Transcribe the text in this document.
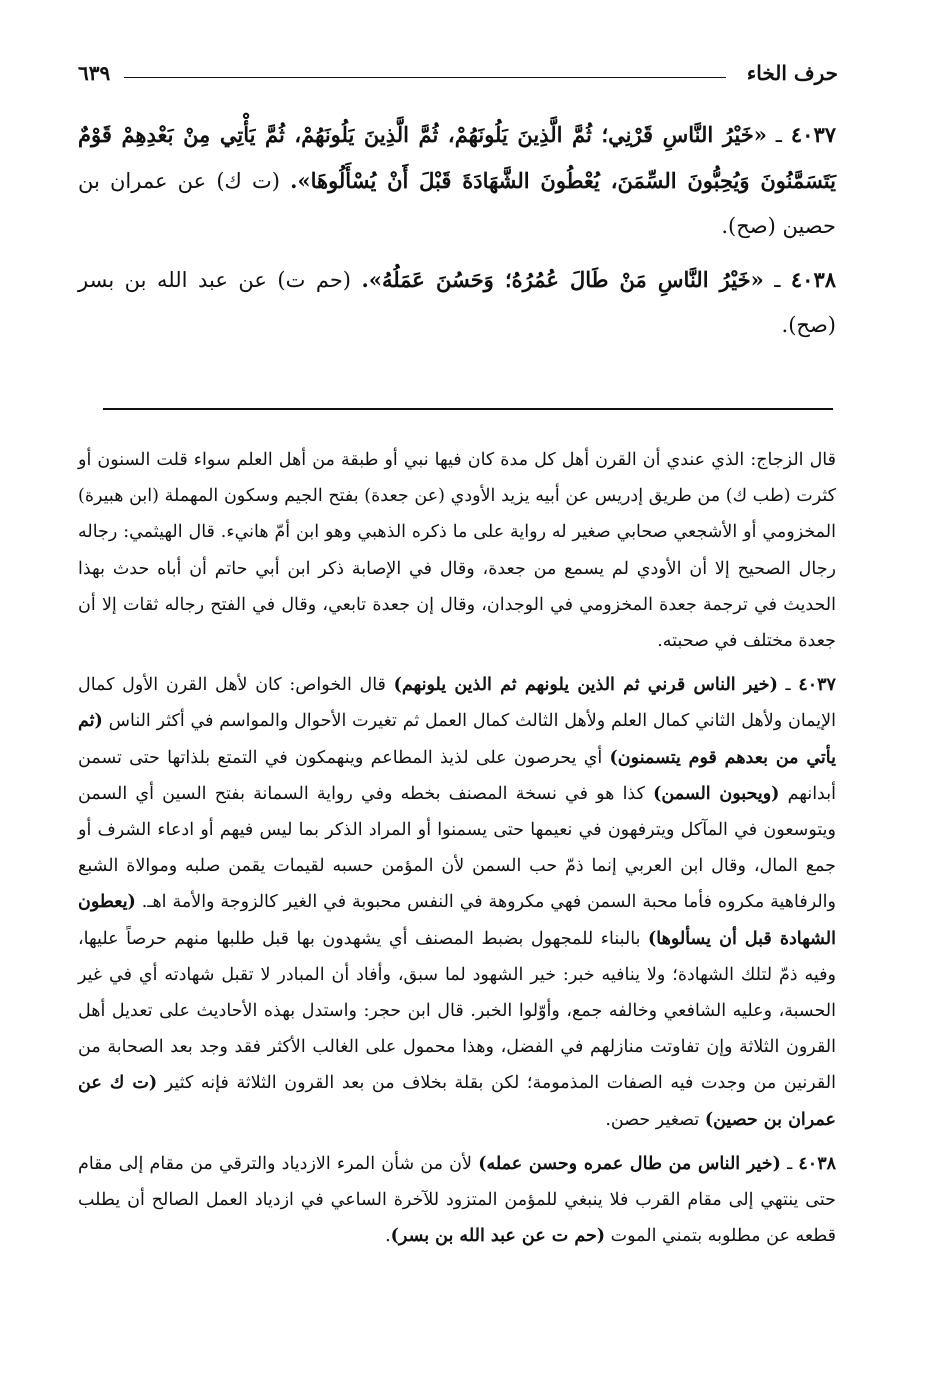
حرف الخاء
٦٣٩

٤٠٣٧ ـ «خَيْرُ النَّاسِ قَرْنِي؛ ثُمَّ الَّذِينَ يَلُونَهُمْ، ثُمَّ الَّذِينَ يَلُونَهُمْ، ثُمَّ يَأْتِي مِنْ بَعْدِهِمْ قَوْمٌ يَتَسَمَّنُونَ وَيُحِبُّونَ السِّمَنَ، يُعْطُونَ الشَّهَادَةَ قَبْلَ أَنْ يُسْأَلُوهَا». (ت ك) عن عمران بن حصين (صح).

٤٠٣٨ ـ «خَيْرُ النَّاسِ مَنْ طَالَ عُمُرُهُ؛ وَحَسُنَ عَمَلُهُ». (حم ت) عن عبد الله بن بسر (صح).

قال الزجاج: الذي عندي أن القرن أهل كل مدة كان فيها نبي أو طبقة من أهل العلم سواء قلت السنون أو كثرت (طب ك) من طريق إدريس عن أبيه يزيد الأودي (عن جعدة) بفتح الجيم وسكون المهملة (ابن هبيرة) المخزومي أو الأشجعي صحابي صغير له رواية على ما ذكره الذهبي وهو ابن أمّ هانيء. قال الهيثمي: رجاله رجال الصحيح إلا أن الأودي لم يسمع من جعدة، وقال في الإصابة ذكر ابن أبي حاتم أن أباه حدث بهذا الحديث في ترجمة جعدة المخزومي في الوجدان، وقال إن جعدة تابعي، وقال في الفتح رجاله ثقات إلا أن جعدة مختلف في صحبته.

٤٠٣٧ ـ (خير الناس قرني ثم الذين يلونهم ثم الذين يلونهم) قال الخواص: كان لأهل القرن الأول كمال الإيمان ولأهل الثاني كمال العلم ولأهل الثالث كمال العمل ثم تغيرت الأحوال والمواسم في أكثر الناس (ثم يأتي من بعدهم قوم يتسمنون) أي يحرصون على لذيذ المطاعم وينهمكون في التمتع بلذاتها حتى تسمن أبدانهم (ويحبون السمن) كذا هو في نسخة المصنف بخطه وفي رواية السمانة بفتح السين أي السمن ويتوسعون في المآكل ويترفهون في نعيمها حتى يسمنوا أو المراد الذكر بما ليس فيهم أو ادعاء الشرف أو جمع المال، وقال ابن العربي إنما ذمّ حب السمن لأن المؤمن حسبه لقيمات يقمن صلبه وموالاة الشبع والرفاهية مكروه فأما محبة السمن فهي مكروهة في النفس محبوبة في الغير كالزوجة والأمة اهـ. (يعطون الشهادة قبل أن يسألوها) بالبناء للمجهول بضبط المصنف أي يشهدون بها قبل طلبها منهم حرصاً عليها، وفيه ذمّ لتلك الشهادة؛ ولا ينافيه خبر: خير الشهود لما سبق، وأفاد أن المبادر لا تقبل شهادته أي في غير الحسبة، وعليه الشافعي وخالفه جمع، وأوّلوا الخبر. قال ابن حجر: واستدل بهذه الأحاديث على تعديل أهل القرون الثلاثة وإن تفاوتت منازلهم في الفضل، وهذا محمول على الغالب الأكثر فقد وجد بعد الصحابة من القرنين من وجدت فيه الصفات المذمومة؛ لكن بقلة بخلاف من بعد القرون الثلاثة فإنه كثير (ت ك عن عمران بن حصين) تصغير حصن.

٤٠٣٨ ـ (خير الناس من طال عمره وحسن عمله) لأن من شأن المرء الازدياد والترقي من مقام إلى مقام حتى ينتهي إلى مقام القرب فلا ينبغي للمؤمن المتزود للآخرة الساعي في ازدياد العمل الصالح أن يطلب قطعه عن مطلوبه بتمني الموت (حم ت عن عبد الله بن بسر).
